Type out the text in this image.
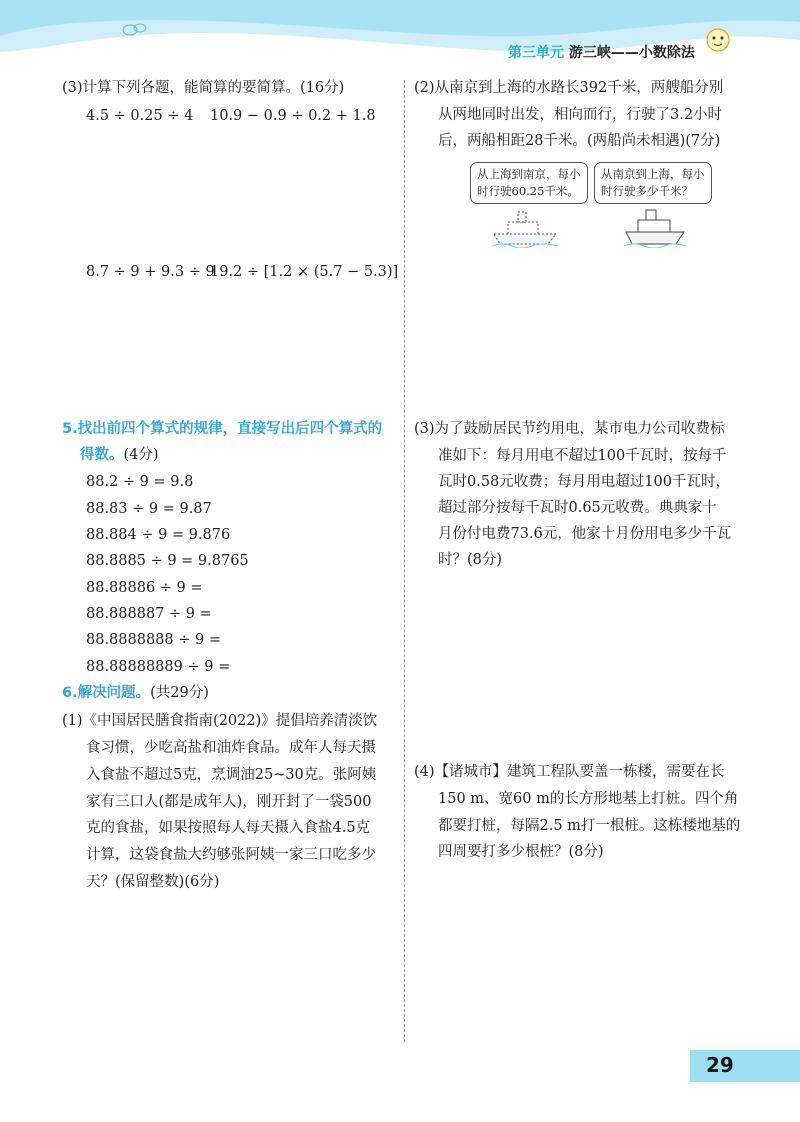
第三单元 游三峡——小数除法
(3)计算下列各题，能简算的要简算。(16分)
4.5 ÷ 0.25 ÷ 4 10.9 − 0.9 ÷ 0.2 + 1.8
8.7 ÷ 9 + 9.3 ÷ 9
19.2 ÷ [1.2 × (5.7 − 5.3)]
5.找出前四个算式的规律，直接写出后四个算式的
得数。(4分)
88.2 ÷ 9 = 9.8
88.83 ÷ 9 = 9.87
88.884 ÷ 9 = 9.876
88.8885 ÷ 9 = 9.8765
88.88886 ÷ 9 =
88.888887 ÷ 9 =
88.8888888 ÷ 9 =
88.88888889 ÷ 9 =
6.解决问题。(共29分)
(1)《中国居民膳食指南(2022)》提倡培养清淡饮
食习惯，少吃高盐和油炸食品。成年人每天摄
入食盐不超过5克，烹调油25~30克。张阿姨
家有三口人(都是成年人)，刚开封了一袋500
克的食盐，如果按照每人每天摄入食盐4.5克
计算，这袋食盐大约够张阿姨一家三口吃多少
天？(保留整数)(6分)
(2)从南京到上海的水路长392千米，两艘船分别
从两地同时出发，相向而行，行驶了3.2小时
后，两船相距28千米。(两船尚未相遇)(7分)
从上海到南京，每小
时行驶60.25千米。
从南京到上海，每小
时行驶多少千米？
(3)为了鼓励居民节约用电，某市电力公司收费标
准如下：每月用电不超过100千瓦时，按每千
瓦时0.58元收费；每月用电超过100千瓦时，
超过部分按每千瓦时0.65元收费。典典家十
月份付电费73.6元，他家十月份用电多少千瓦
时？(8分)
(4)【诸城市】建筑工程队要盖一栋楼，需要在长
150 m、宽60 m的长方形地基上打桩。四个角
都要打桩，每隔2.5 m打一根桩。这栋楼地基的
四周要打多少根桩？(8分)
29
